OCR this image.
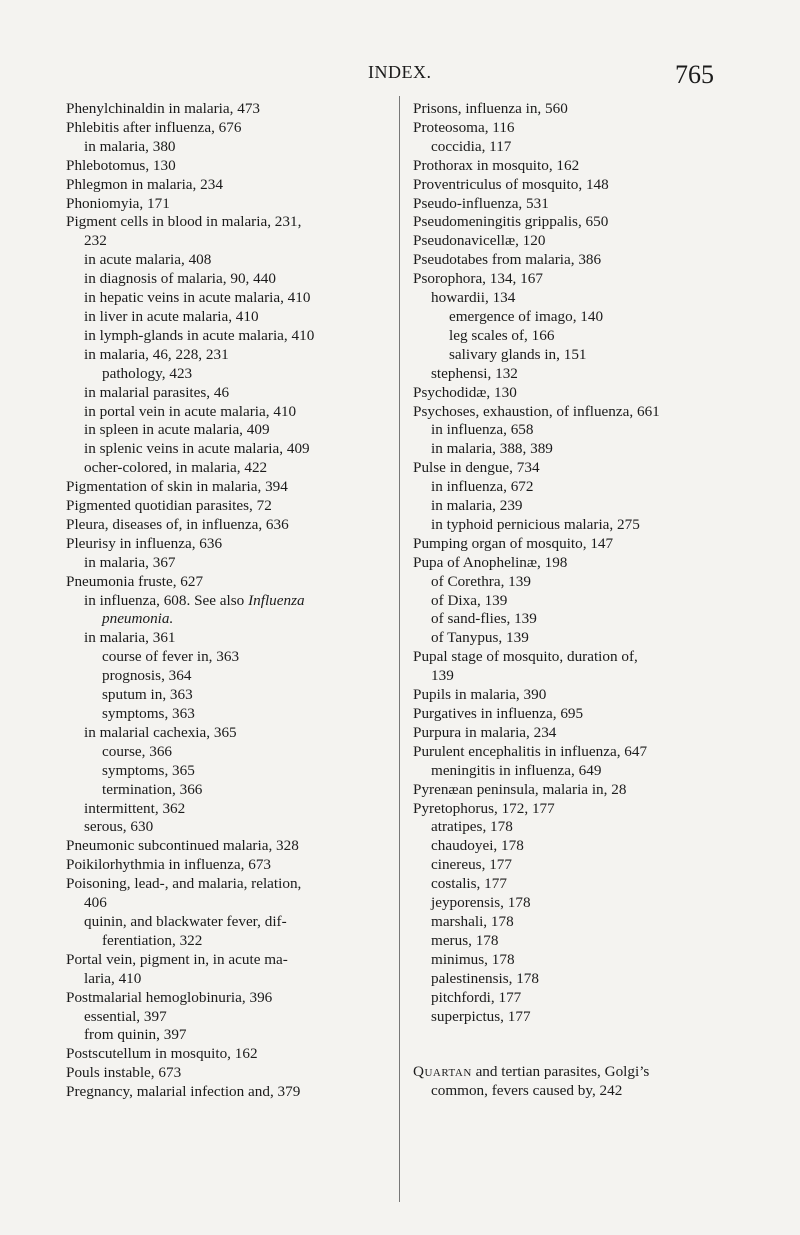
INDEX.	765
Phenylchinaldin in malaria, 473
Phlebitis after influenza, 676
in malaria, 380
Phlebotomus, 130
Phlegmon in malaria, 234
Phoniomyia, 171
Pigment cells in blood in malaria, 231,
232
in acute malaria, 408
in diagnosis of malaria, 90, 440
in hepatic veins in acute malaria, 410
in liver in acute malaria, 410
in lymph-glands in acute malaria, 410
in malaria, 46, 228, 231
pathology, 423
in malarial parasites, 46
in portal vein in acute malaria, 410
in spleen in acute malaria, 409
in splenic veins in acute malaria, 409
ocher-colored, in malaria, 422
Pigmentation of skin in malaria, 394
Pigmented quotidian parasites, 72
Pleura, diseases of, in influenza, 636
Pleurisy in influenza, 636
in malaria, 367
Pneumonia fruste, 627
in influenza, 608. See also Influenza
pneumonia.
in malaria, 361
course of fever in, 363
prognosis, 364
sputum in, 363
symptoms, 363
in malarial cachexia, 365
course, 366
symptoms, 365
termination, 366
intermittent, 362
serous, 630
Pneumonic subcontinued malaria, 328
Poikilorhythmia in influenza, 673
Poisoning, lead-, and malaria, relation,
406
quinin, and blackwater fever, dif-
ferentiation, 322
Portal vein, pigment in, in acute ma-
laria, 410
Postmalarial hemoglobinuria, 396
essential, 397
from quinin, 397
Postscutellum in mosquito, 162
Pouls instable, 673
Pregnancy, malarial infection and, 379
Prisons, influenza in, 560
Proteosoma, 116
coccidia, 117
Prothorax in mosquito, 162
Proventriculus of mosquito, 148
Pseudo-influenza, 531
Pseudomeningitis grippalis, 650
Pseudonavicellæ, 120
Pseudotabes from malaria, 386
Psorophora, 134, 167
howardii, 134
emergence of imago, 140
leg scales of, 166
salivary glands in, 151
stephensi, 132
Psychodidæ, 130
Psychoses, exhaustion, of influenza, 661
in influenza, 658
in malaria, 388, 389
Pulse in dengue, 734
in influenza, 672
in malaria, 239
in typhoid pernicious malaria, 275
Pumping organ of mosquito, 147
Pupa of Anophelinæ, 198
of Corethra, 139
of Dixa, 139
of sand-flies, 139
of Tanypus, 139
Pupal stage of mosquito, duration of,
139
Pupils in malaria, 390
Purgatives in influenza, 695
Purpura in malaria, 234
Purulent encephalitis in influenza, 647
meningitis in influenza, 649
Pyrenæan peninsula, malaria in, 28
Pyretophorus, 172, 177
atratipes, 178
chaudoyei, 178
cinereus, 177
costalis, 177
jeyporensis, 178
marshali, 178
merus, 178
minimus, 178
palestinensis, 178
pitchfordi, 177
superpictus, 177
Quartan and tertian parasites, Golgi’s
common, fevers caused by, 242
